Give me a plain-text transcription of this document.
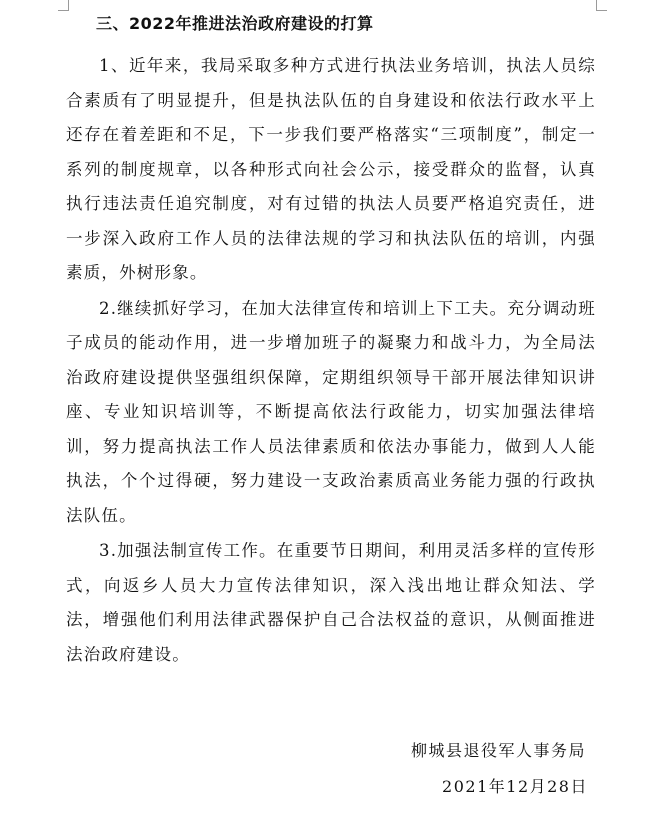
三、2022年推进法治政府建设的打算

1、近年来，我局采取多种方式进行执法业务培训，执法人员综合素质有了明显提升，但是执法队伍的自身建设和依法行政水平上还存在着差距和不足，下一步我们要严格落实“三项制度”，制定一系列的制度规章，以各种形式向社会公示，接受群众的监督，认真执行违法责任追究制度，对有过错的执法人员要严格追究责任，进一步深入政府工作人员的法律法规的学习和执法队伍的培训，内强素质，外树形象。

2.继续抓好学习，在加大法律宣传和培训上下工夫。充分调动班子成员的能动作用，进一步增加班子的凝聚力和战斗力，为全局法治政府建设提供坚强组织保障，定期组织领导干部开展法律知识讲座、专业知识培训等，不断提高依法行政能力，切实加强法律培训，努力提高执法工作人员法律素质和依法办事能力，做到人人能执法，个个过得硬，努力建设一支政治素质高业务能力强的行政执法队伍。

3.加强法制宣传工作。在重要节日期间，利用灵活多样的宣传形式，向返乡人员大力宣传法律知识，深入浅出地让群众知法、学法，增强他们利用法律武器保护自己合法权益的意识，从侧面推进法治政府建设。

柳城县退役军人事务局
2021年12月28日
